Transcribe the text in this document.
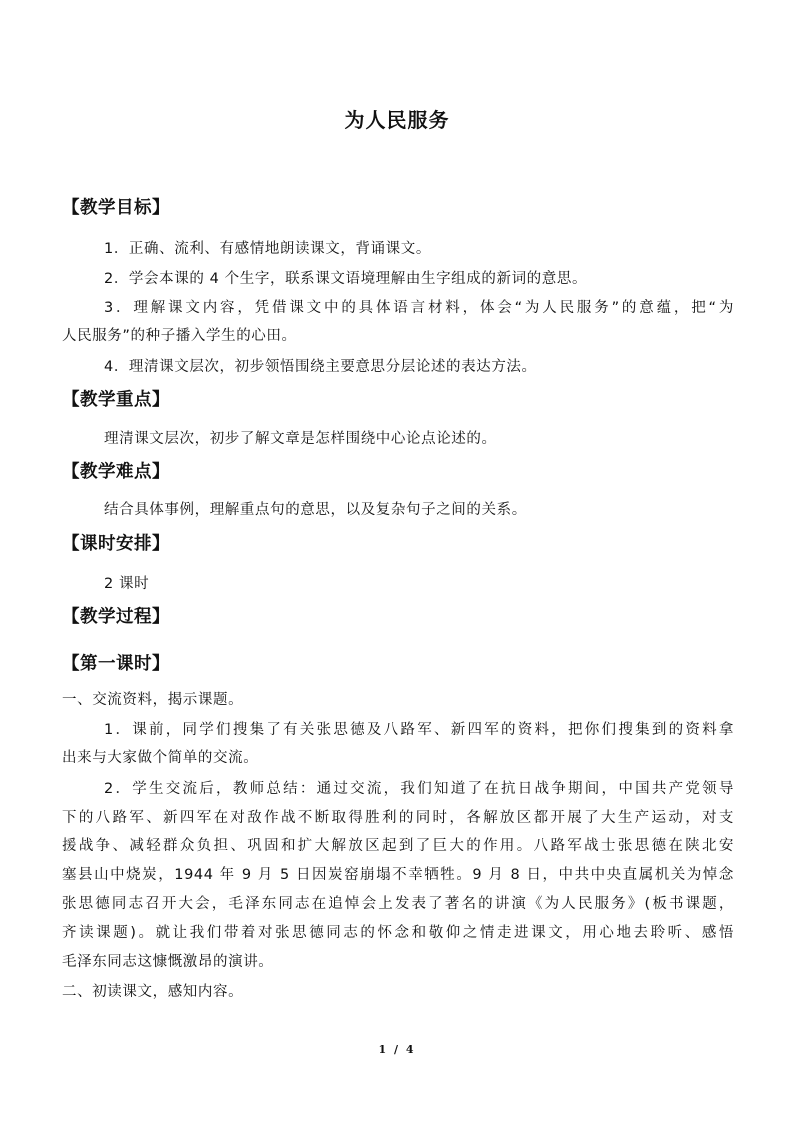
为人民服务
【教学目标】
1．正确、流利、有感情地朗读课文，背诵课文。
2．学会本课的 4 个生字，联系课文语境理解由生字组成的新词的意思。
3．理解课文内容，凭借课文中的具体语言材料，体会“为人民服务”的意蕴，把“为
人民服务”的种子播入学生的心田。
4．理清课文层次，初步领悟围绕主要意思分层论述的表达方法。
【教学重点】
理清课文层次，初步了解文章是怎样围绕中心论点论述的。
【教学难点】
结合具体事例，理解重点句的意思，以及复杂句子之间的关系。
【课时安排】
2 课时
【教学过程】
【第一课时】
一、交流资料，揭示课题。
1．课前，同学们搜集了有关张思德及八路军、新四军的资料，把你们搜集到的资料拿
出来与大家做个简单的交流。
2．学生交流后，教师总结：通过交流，我们知道了在抗日战争期间，中国共产党领导
下的八路军、新四军在对敌作战不断取得胜利的同时，各解放区都开展了大生产运动，对支
援战争、减轻群众负担、巩固和扩大解放区起到了巨大的作用。八路军战士张思德在陕北安
塞县山中烧炭，1944 年 9 月 5 日因炭窑崩塌不幸牺牲。9 月 8 日，中共中央直属机关为悼念
张思德同志召开大会，毛泽东同志在追悼会上发表了著名的讲演《为人民服务》(板书课题，
齐读课题)。就让我们带着对张思德同志的怀念和敬仰之情走进课文，用心地去聆听、感悟
毛泽东同志这慷慨激昂的演讲。
二、初读课文，感知内容。
1 / 4
